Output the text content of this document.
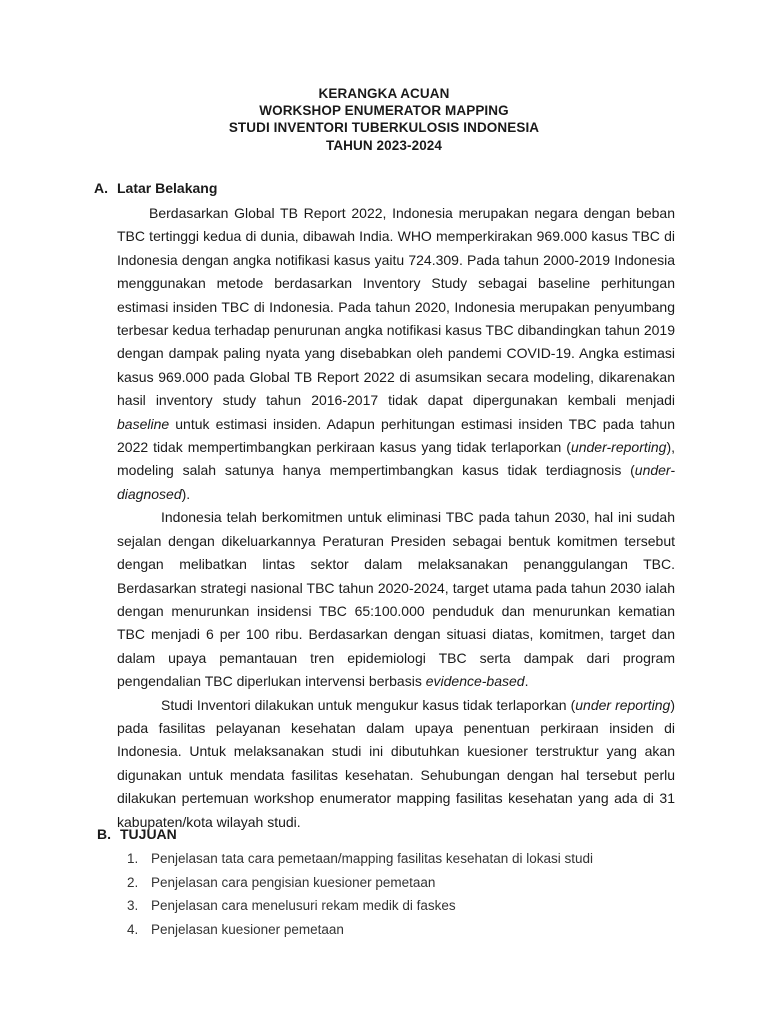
KERANGKA ACUAN
WORKSHOP ENUMERATOR MAPPING
STUDI INVENTORI TUBERKULOSIS INDONESIA
TAHUN 2023-2024
A. Latar Belakang

Berdasarkan Global TB Report 2022, Indonesia merupakan negara dengan beban TBC tertinggi kedua di dunia, dibawah India. WHO memperkirakan 969.000 kasus TBC di Indonesia dengan angka notifikasi kasus yaitu 724.309. Pada tahun 2000-2019 Indonesia menggunakan metode berdasarkan Inventory Study sebagai baseline perhitungan estimasi insiden TBC di Indonesia. Pada tahun 2020, Indonesia merupakan penyumbang terbesar kedua terhadap penurunan angka notifikasi kasus TBC dibandingkan tahun 2019 dengan dampak paling nyata yang disebabkan oleh pandemi COVID-19. Angka estimasi kasus 969.000 pada Global TB Report 2022 di asumsikan secara modeling, dikarenakan hasil inventory study tahun 2016-2017 tidak dapat dipergunakan kembali menjadi baseline untuk estimasi insiden. Adapun perhitungan estimasi insiden TBC pada tahun 2022 tidak mempertimbangkan perkiraan kasus yang tidak terlaporkan (under-reporting), modeling salah satunya hanya mempertimbangkan kasus tidak terdiagnosis (under-diagnosed).

Indonesia telah berkomitmen untuk eliminasi TBC pada tahun 2030, hal ini sudah sejalan dengan dikeluarkannya Peraturan Presiden sebagai bentuk komitmen tersebut dengan melibatkan lintas sektor dalam melaksanakan penanggulangan TBC. Berdasarkan strategi nasional TBC tahun 2020-2024, target utama pada tahun 2030 ialah dengan menurunkan insidensi TBC 65:100.000 penduduk dan menurunkan kematian TBC menjadi 6 per 100 ribu. Berdasarkan dengan situasi diatas, komitmen, target dan dalam upaya pemantauan tren epidemiologi TBC serta dampak dari program pengendalian TBC diperlukan intervensi berbasis evidence-based.

Studi Inventori dilakukan untuk mengukur kasus tidak terlaporkan (under reporting) pada fasilitas pelayanan kesehatan dalam upaya penentuan perkiraan insiden di Indonesia. Untuk melaksanakan studi ini dibutuhkan kuesioner terstruktur yang akan digunakan untuk mendata fasilitas kesehatan. Sehubungan dengan hal tersebut perlu dilakukan pertemuan workshop enumerator mapping fasilitas kesehatan yang ada di 31 kabupaten/kota wilayah studi.

B. TUJUAN
1. Penjelasan tata cara pemetaan/mapping fasilitas kesehatan di lokasi studi
2. Penjelasan cara pengisian kuesioner pemetaan
3. Penjelasan cara menelusuri rekam medik di faskes
4. Penjelasan kuesioner pemetaan
